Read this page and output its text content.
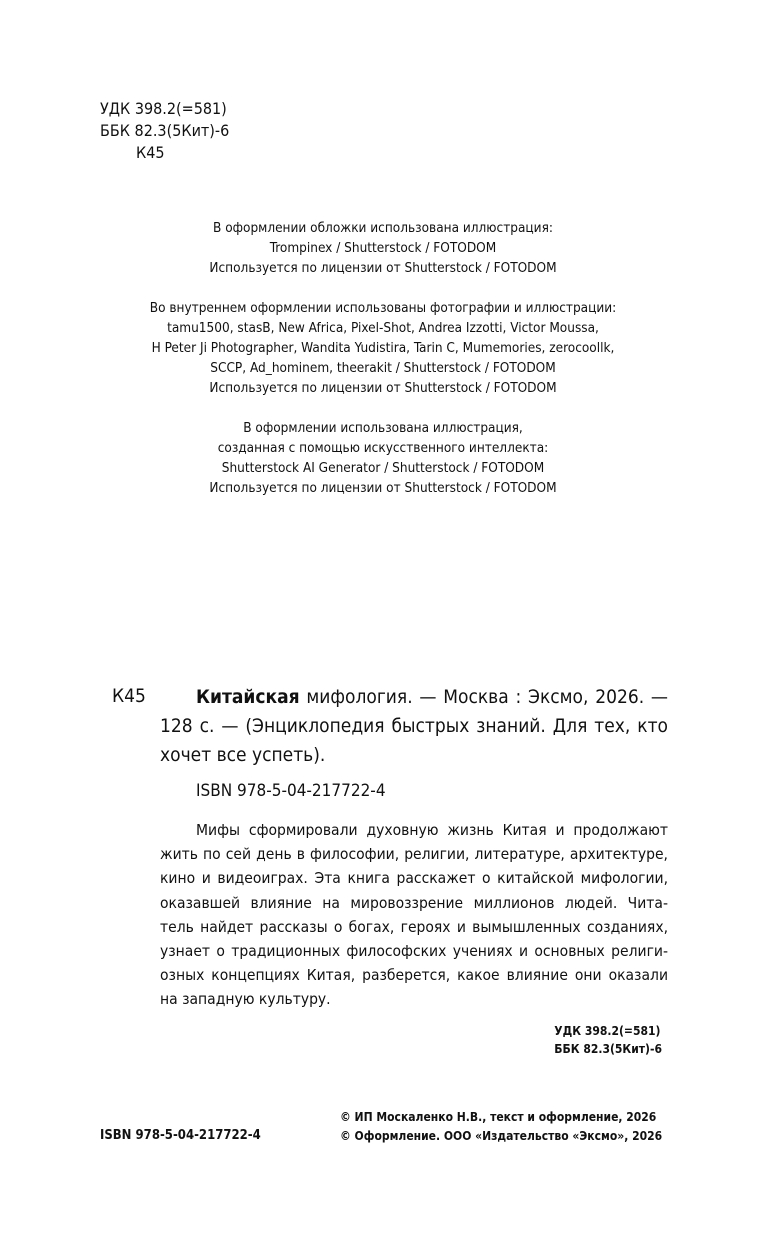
УДК 398.2(=581)
ББК 82.3(5Кит)-6
К45
В оформлении обложки использована иллюстрация:
Trompinex / Shutterstock / FOTODOM
Используется по лицензии от Shutterstock / FOTODOM
Во внутреннем оформлении использованы фотографии и иллюстрации:
tamu1500, stasB, New Africa, Pixel-Shot, Andrea Izzotti, Victor Moussa,
H Peter Ji Photographer, Wandita Yudistira, Tarin C, Mumemories, zerocoollk,
SCCP, Ad_hominem, theerakit / Shutterstock / FOTODOM
Используется по лицензии от Shutterstock / FOTODOM
В оформлении использована иллюстрация,
созданная с помощью искусственного интеллекта:
Shutterstock AI Generator / Shutterstock / FOTODOM
Используется по лицензии от Shutterstock / FOTODOM
К45	Китайская мифология. — Москва : Эксмо, 2026. — 128 с. — (Энциклопедия быстрых знаний. Для тех, кто хочет все успеть).
ISBN 978-5-04-217722-4
Мифы сформировали духовную жизнь Китая и продолжают
жить по сей день в философии, религии, литературе, архитектуре,
кино и видеоиграх. Эта книга расскажет о китайской мифологии,
оказавшей влияние на мировоззрение миллионов людей. Чита-
тель найдет рассказы о богах, героях и вымышленных созданиях,
узнает о традиционных философских учениях и основных религи-
озных концепциях Китая, разберется, какое влияние они оказали
на западную культуру.
УДК 398.2(=581)
ББК 82.3(5Кит)-6
ISBN 978-5-04-217722-4
© ИП Москаленко Н.В., текст и оформление, 2026
© Оформление. ООО «Издательство «Эксмо», 2026
